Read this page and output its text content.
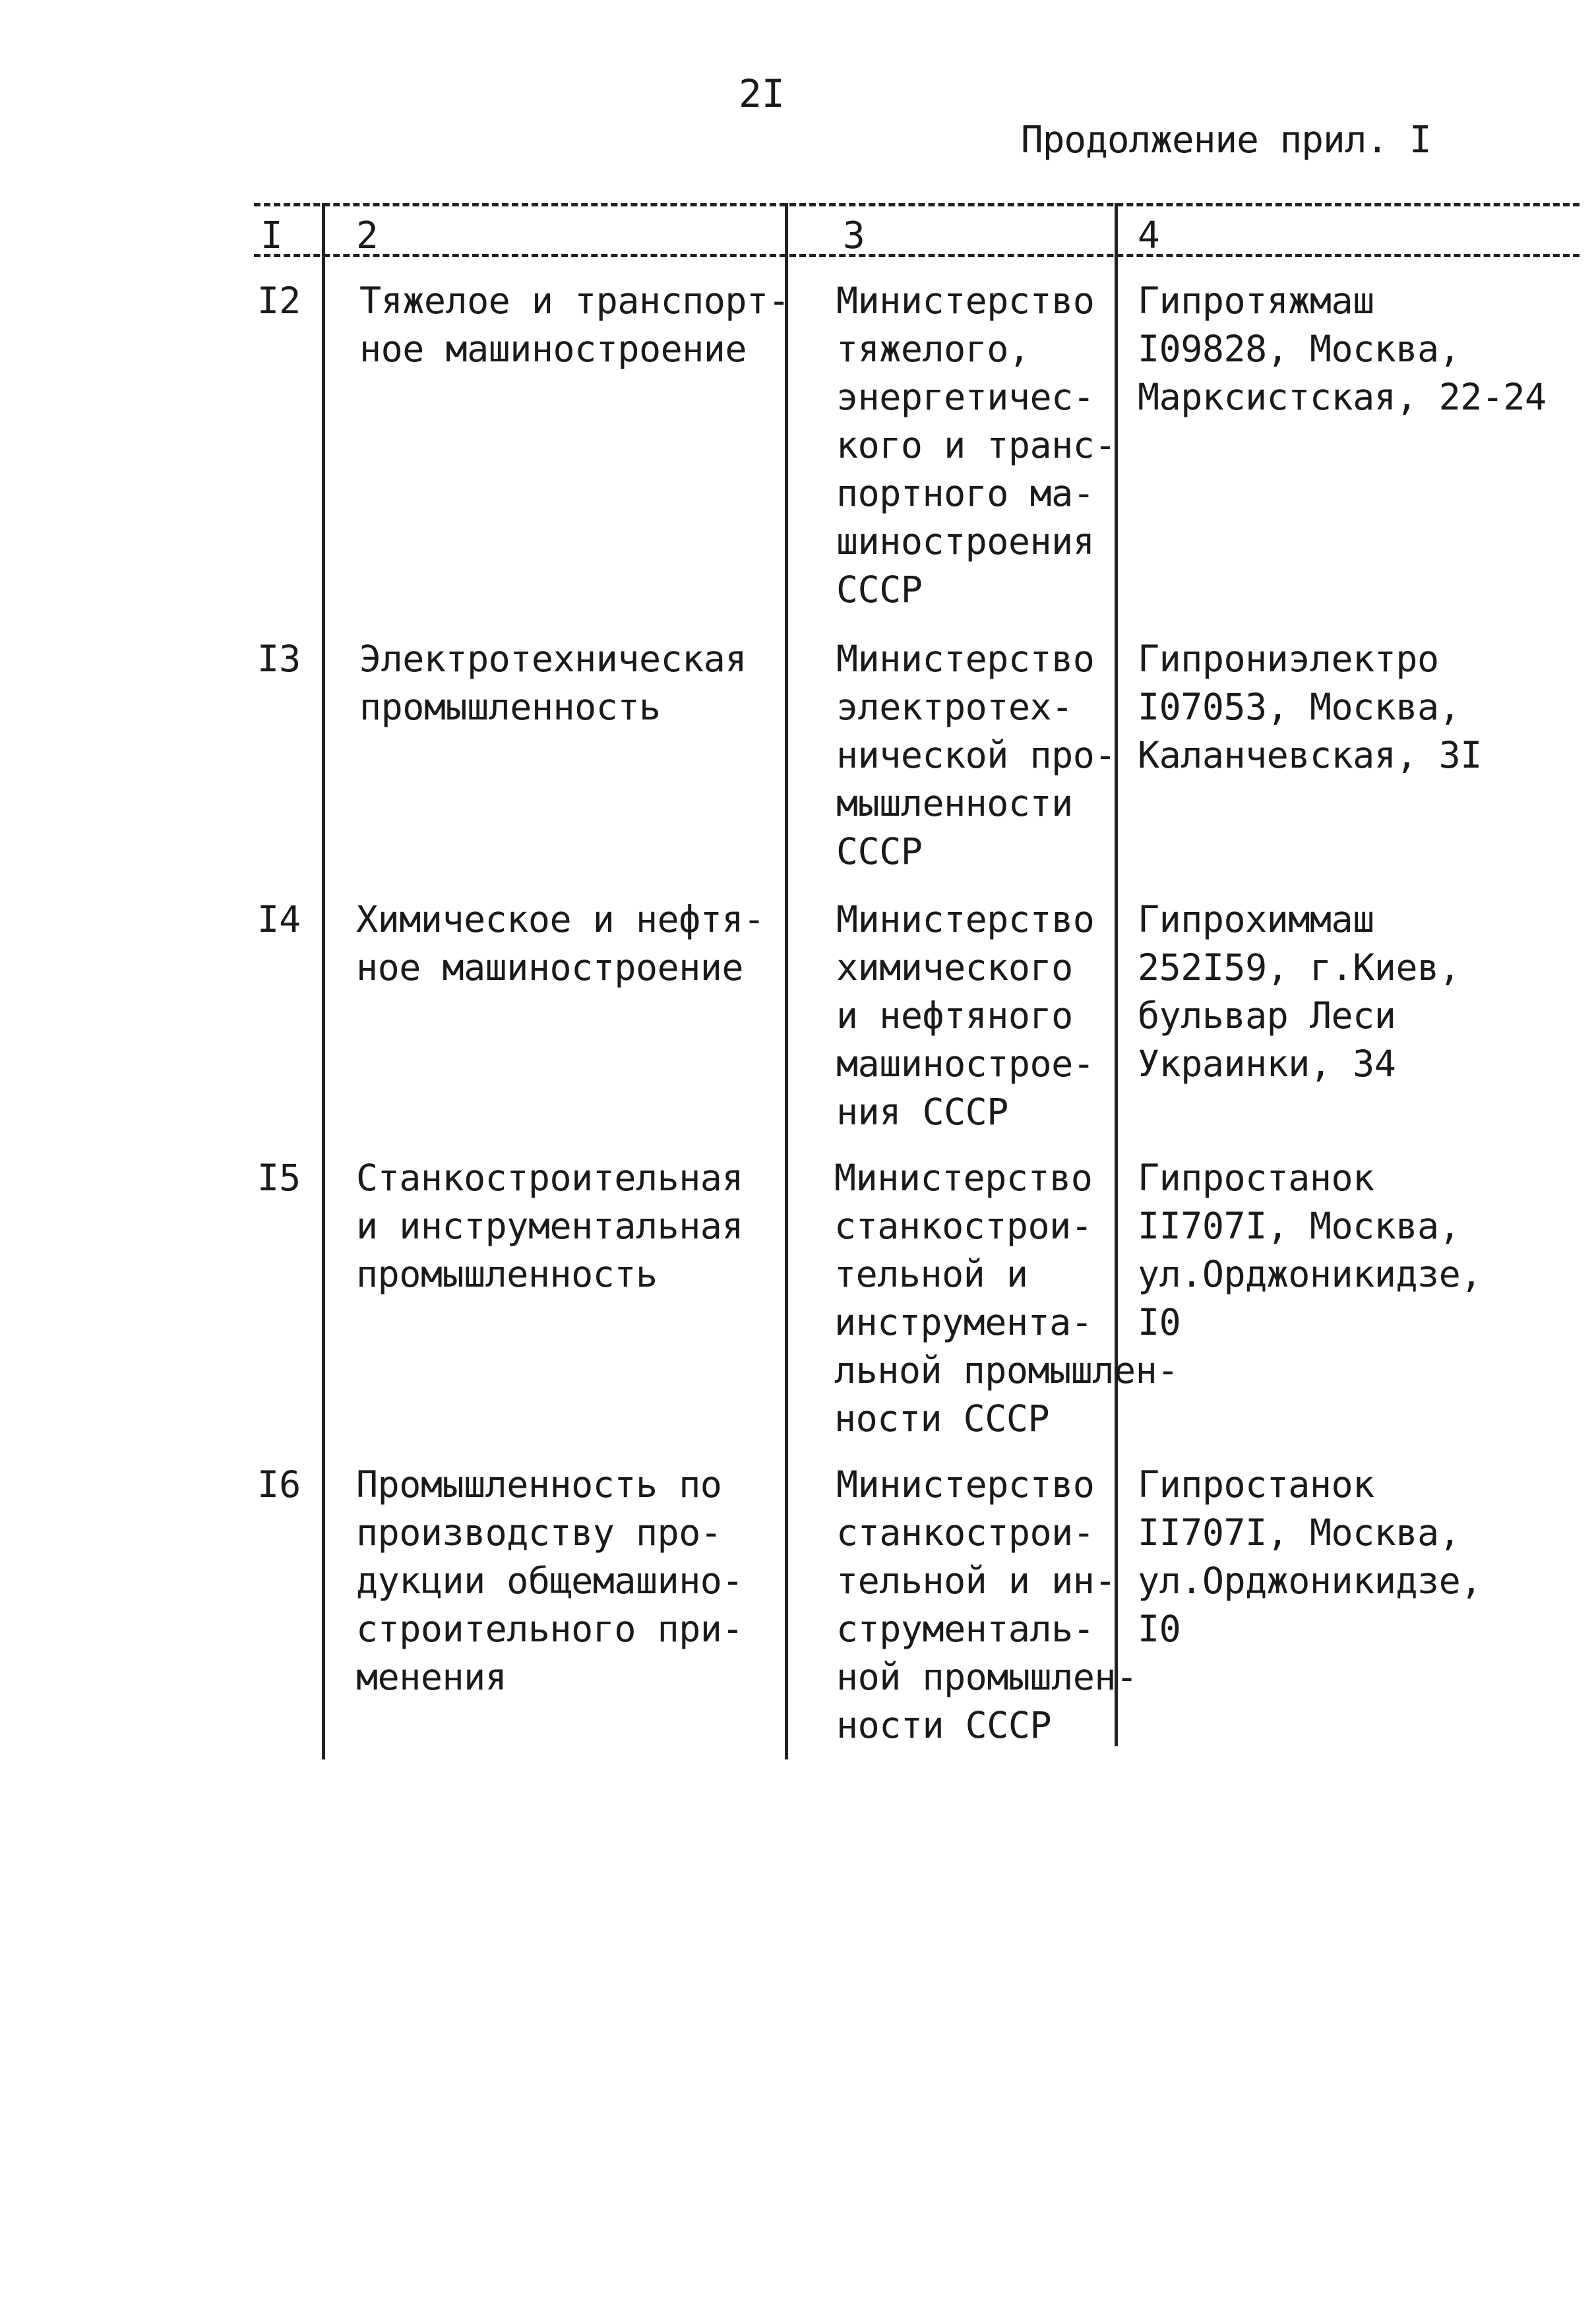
2I
Продолжение прил. I
I 2	3	4
I2 Тяжелое и транспорт-
ное машиностроение
Министерство
тяжелого,
энергетичес-
кого и транс-
портного ма-
шиностроения
СССР
Гипротяжмаш
I09828, Москва,
Марксистская, 22-24
I3 Электротехническая
промышленность
Министерство
электротех-
нической про-
мышленности
СССР
Гипрониэлектро
I07053, Москва,
Каланчевская, 3I
I4 Химическое и нефтя-
ное машиностроение
Министерство
химического
и нефтяного
машинострое-
ния СССР
Гипрохиммаш
252I59, г.Киев,
бульвар Леси
Украинки, 34
I5 Станкостроительная
и инструментальная
промышленность
Министерство
станкострои-
тельной и
инструмента-
льной промышлен-
ности СССР
Гипростанок
II707I, Москва,
ул.Орджоникидзе,
I0
I6 Промышленность по
производству про-
дукции общемашино-
строительного при-
менения
Министерство
станкострои-
тельной и ин-
струменталь-
ной промышлен-
ности СССР
Гипростанок
II707I, Москва,
ул.Орджоникидзе,
I0
